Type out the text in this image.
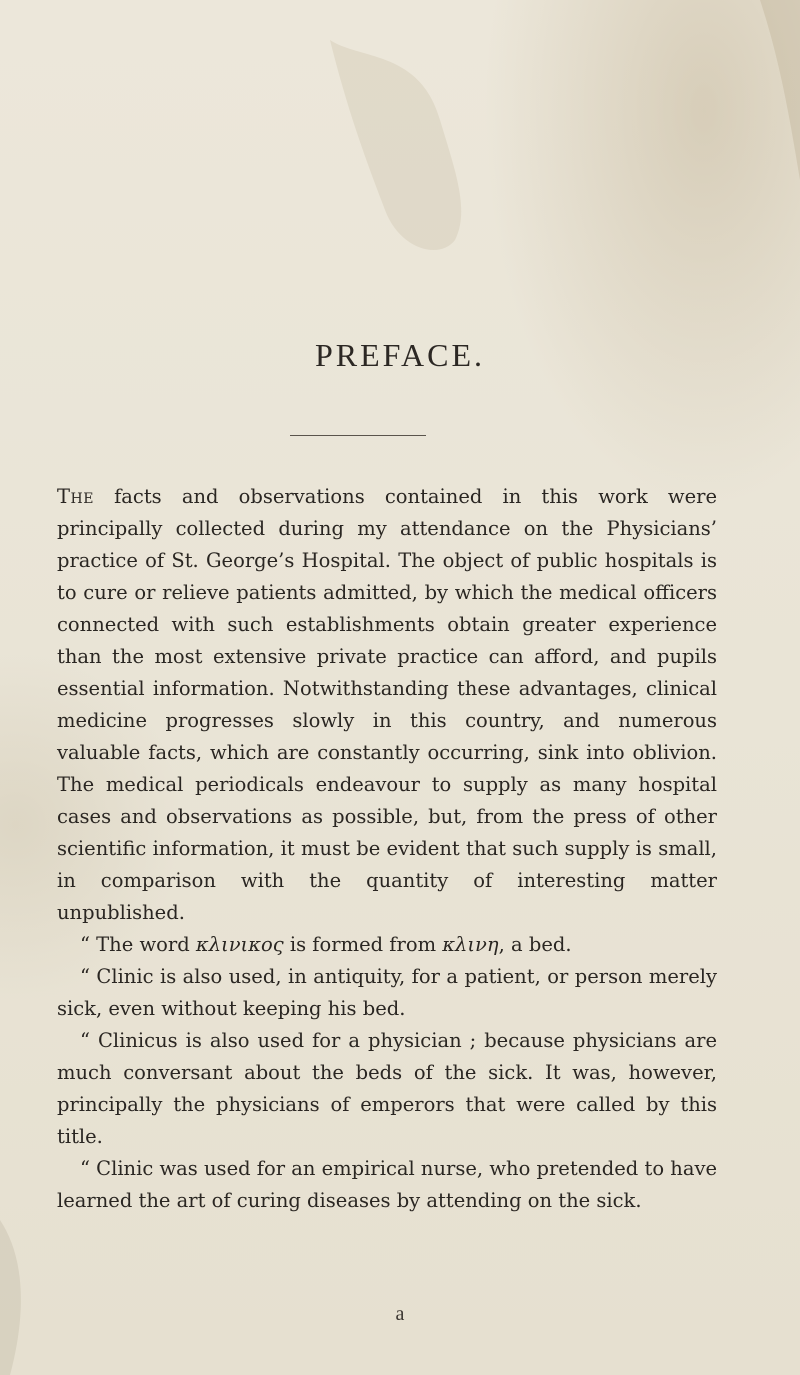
PREFACE.

The facts and observations contained in this work were principally collected during my attendance on the Physicians’ practice of St. George’s Hospital. The object of public hospitals is to cure or relieve patients admitted, by which the medical officers connected with such establishments obtain greater experience than the most extensive private practice can afford, and pupils essential information. Notwithstanding these advantages, clinical medicine progresses slowly in this country, and numerous valuable facts, which are constantly occurring, sink into oblivion. The medical periodicals endeavour to supply as many hospital cases and observations as possible, but, from the press of other scientific information, it must be evident that such supply is small, in comparison with the quantity of interesting matter unpublished.

“ The word κλινικος is formed from κλινη, a bed.

“ Clinic is also used, in antiquity, for a patient, or person merely sick, even without keeping his bed.

“ Clinicus is also used for a physician ; because physicians are much conversant about the beds of the sick. It was, however, principally the physicians of emperors that were called by this title.

“ Clinic was used for an empirical nurse, who pretended to have learned the art of curing diseases by attending on the sick.

a
